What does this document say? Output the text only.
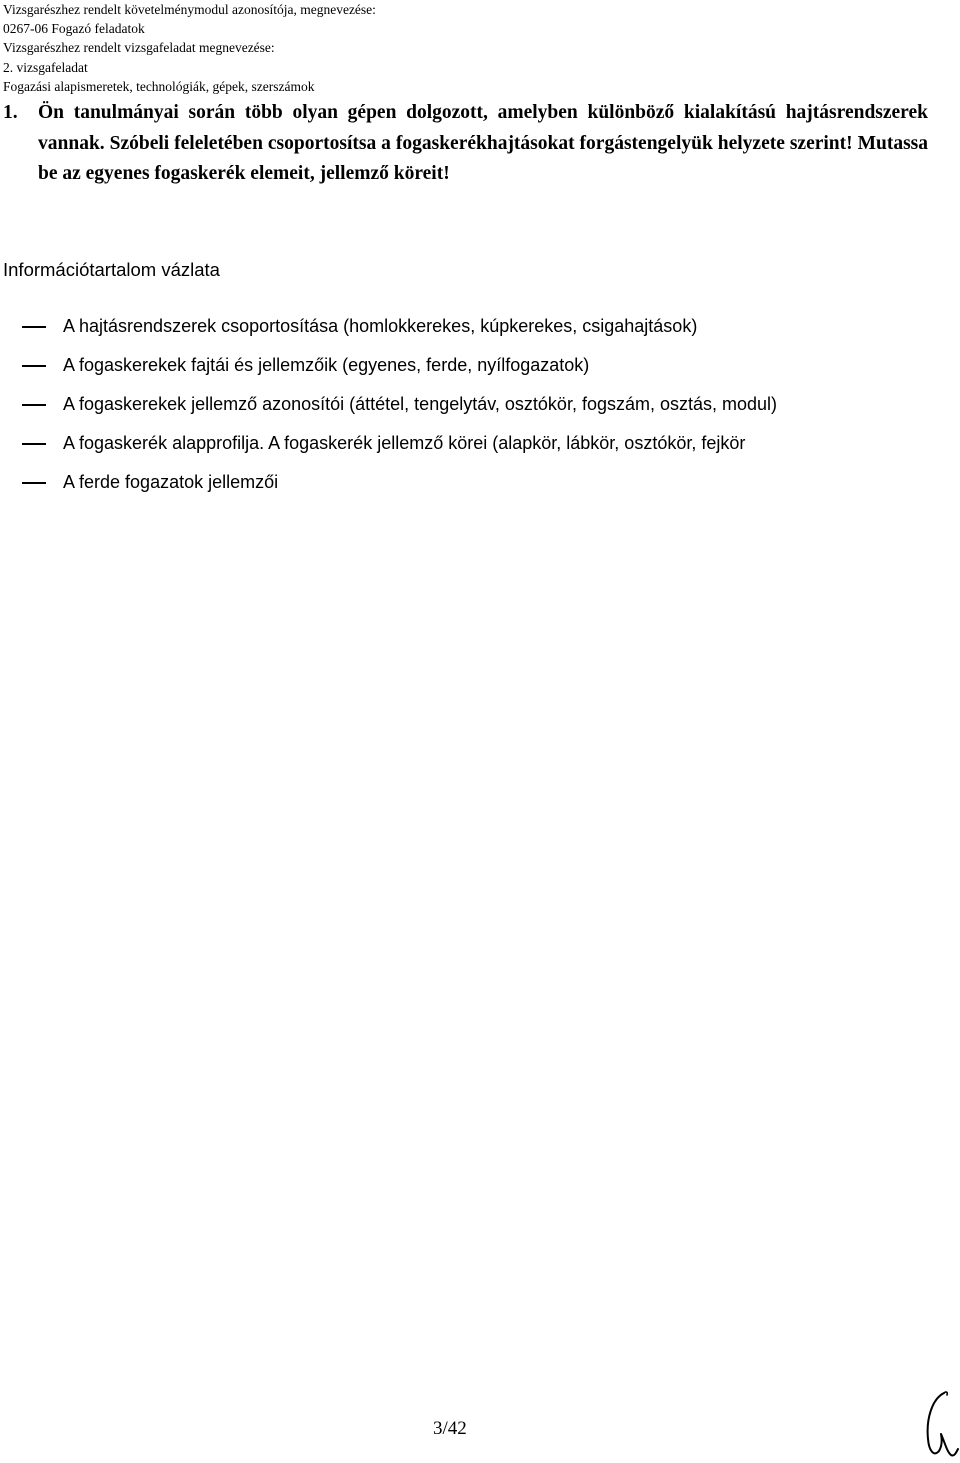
Vizsgarészhez rendelt követelménymodul azonosítója, megnevezése:
0267-06 Fogazó feladatok
Vizsgarészhez rendelt vizsgafeladat megnevezése:
2. vizsgafeladat
Fogazási alapismeretek, technológiák, gépek, szerszámok
1. Ön tanulmányai során több olyan gépen dolgozott, amelyben különböző kialakítású hajtásrendszerek vannak. Szóbeli feleletében csoportosítsa a fogaskerékhajtásokat forgástengelyük helyzete szerint! Mutassa be az egyenes fogaskerék elemeit, jellemző köreit!
Információtartalom vázlata
A hajtásrendszerek csoportosítása (homlokkerekes, kúpkerekes, csigahajtások)
A fogaskerekek fajtái és jellemzőik (egyenes, ferde, nyílfogazatok)
A fogaskerekek jellemző azonosítói (áttétel, tengelytáv, osztókör, fogszám, osztás, modul)
A fogaskerék alapprofilja. A fogaskerék jellemző körei (alapkör, lábkör, osztókör, fejkör
A ferde fogazatok jellemzői
3/42
